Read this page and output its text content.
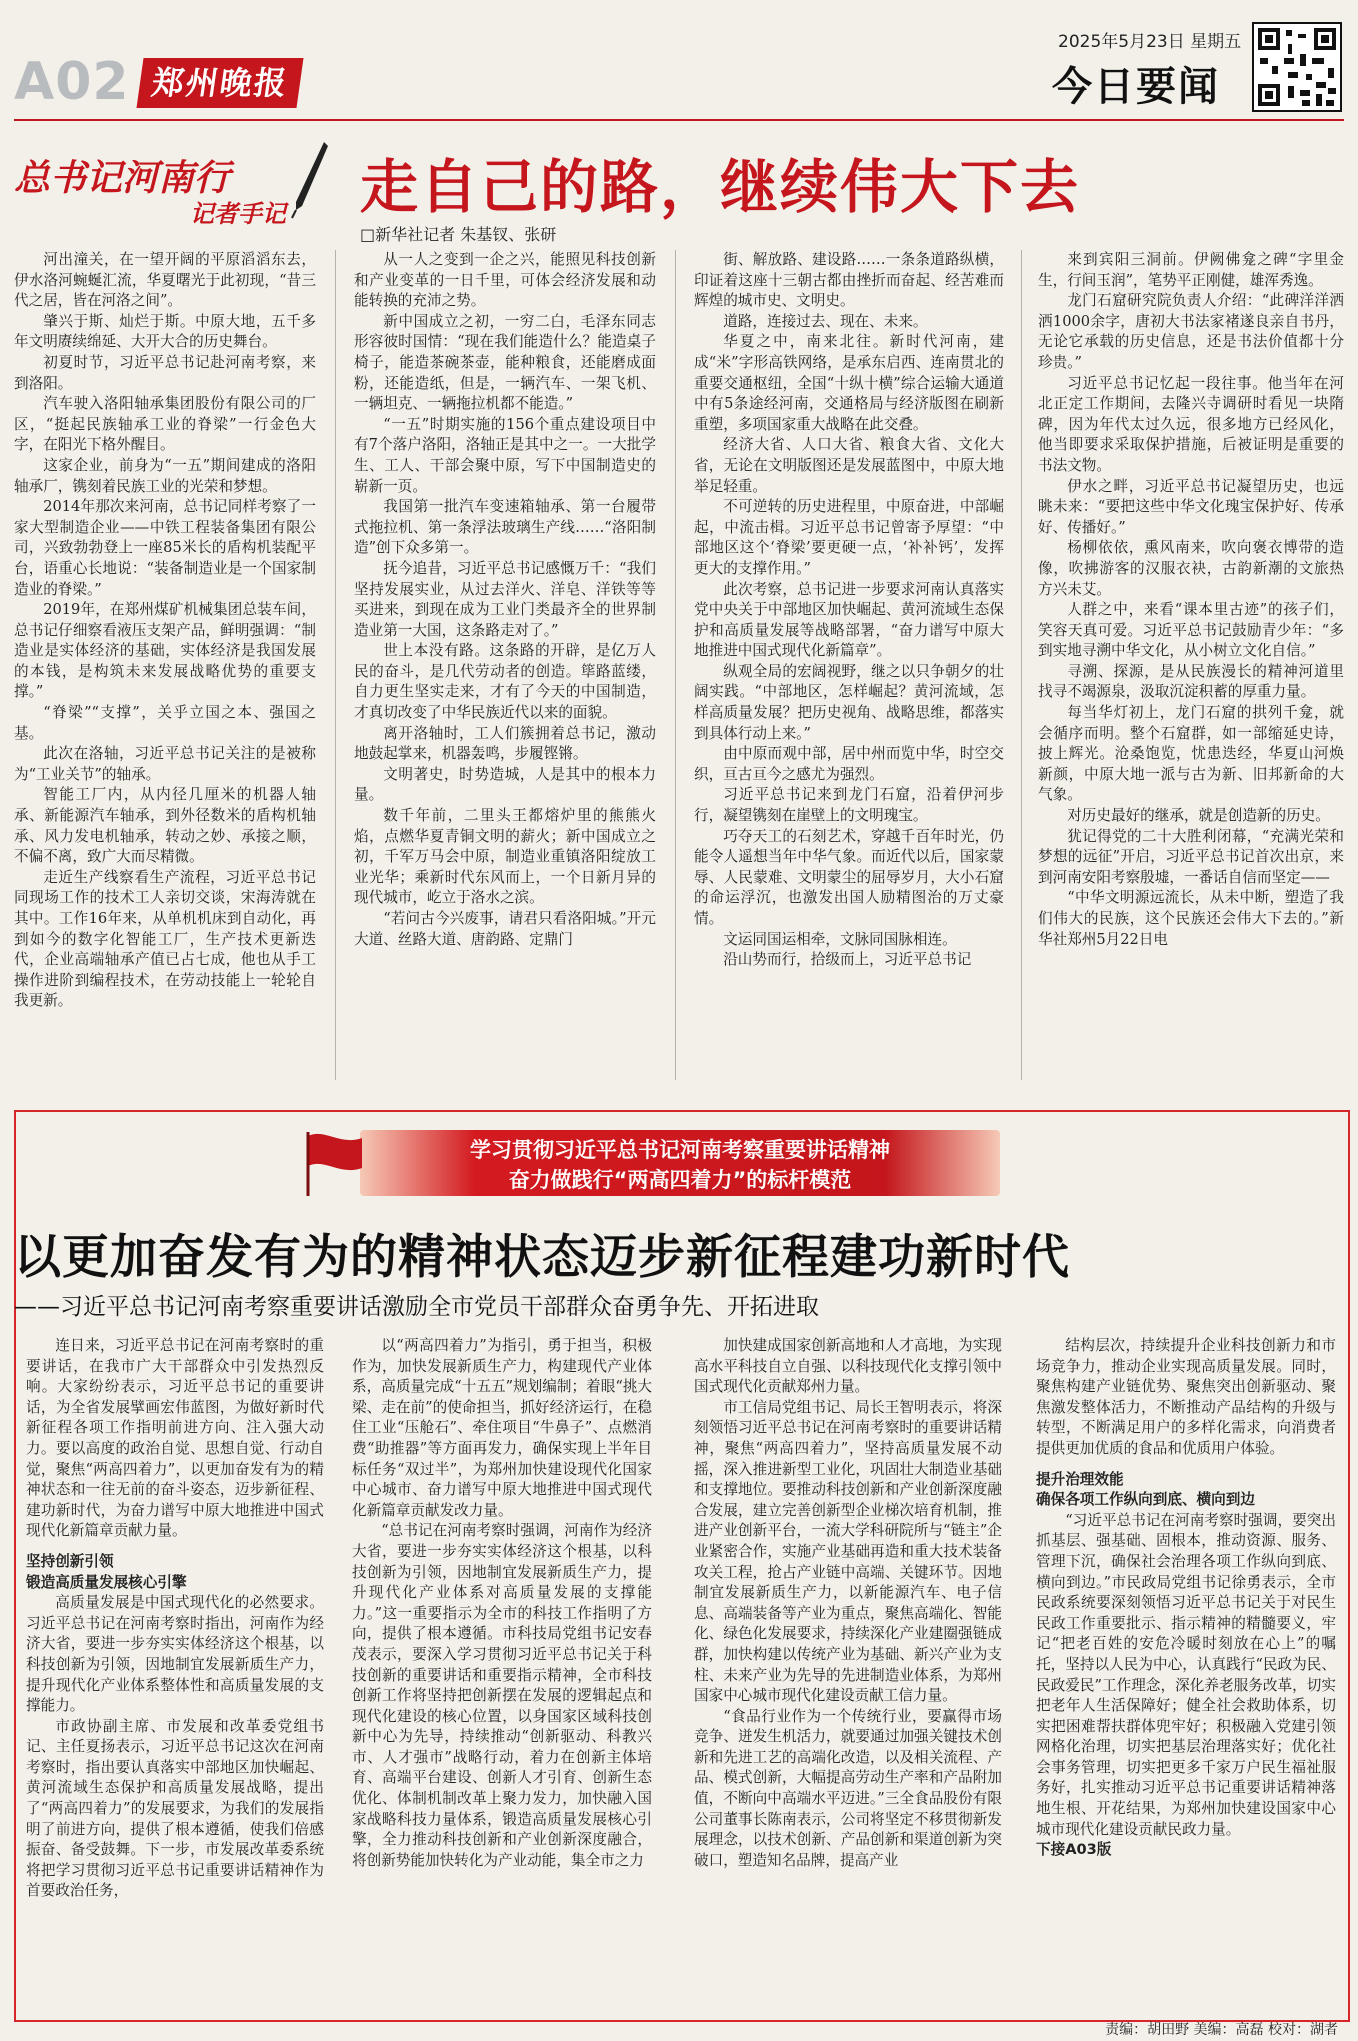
A02 郑州晚报
2025年5月23日 星期五
今日要闻
总书记河南行
记者手记 走自己的路，继续伟大下去
□新华社记者 朱基钗、张研

河出潼关，在一望开阔的平原滔滔东去，伊水洛河蜿蜒汇流，华夏曙光于此初现，“昔三代之居，皆在河洛之间”。

肇兴于斯、灿烂于斯。中原大地，五千多年文明赓续绵延、大开大合的历史舞台。

初夏时节，习近平总书记赴河南考察，来到洛阳。

汽车驶入洛阳轴承集团股份有限公司的厂区，“挺起民族轴承工业的脊梁”一行金色大字，在阳光下格外醒目。

这家企业，前身为“一五”期间建成的洛阳轴承厂，镌刻着民族工业的光荣和梦想。

2014年那次来河南，总书记同样考察了一家大型制造企业——中铁工程装备集团有限公司，兴致勃勃登上一座85米长的盾构机装配平台，语重心长地说：“装备制造业是一个国家制造业的脊梁。”

2019年，在郑州煤矿机械集团总装车间，总书记仔细察看液压支架产品，鲜明强调：“制造业是实体经济的基础，实体经济是我国发展的本钱，是构筑未来发展战略优势的重要支撑。”

“脊梁”“支撑”，关乎立国之本、强国之基。

此次在洛轴，习近平总书记关注的是被称为“工业关节”的轴承。

智能工厂内，从内径几厘米的机器人轴承、新能源汽车轴承，到外径数米的盾构机轴承、风力发电机轴承，转动之妙、承接之顺，不偏不离，致广大而尽精微。

走近生产线察看生产流程，习近平总书记同现场工作的技术工人亲切交谈，宋海涛就在其中。工作16年来，从单机机床到自动化，再到如今的数字化智能工厂，生产技术更新迭代，企业高端轴承产值已占七成，他也从手工操作进阶到编程技术，在劳动技能上一轮轮自我更新。

从一人之变到一企之兴，能照见科技创新和产业变革的一日千里，可体会经济发展和动能转换的充沛之势。

新中国成立之初，一穷二白，毛泽东同志形容彼时国情：“现在我们能造什么？能造桌子椅子，能造茶碗茶壶，能种粮食，还能磨成面粉，还能造纸，但是，一辆汽车、一架飞机、一辆坦克、一辆拖拉机都不能造。”

“一五”时期实施的156个重点建设项目中有7个落户洛阳，洛轴正是其中之一。一大批学生、工人、干部会聚中原，写下中国制造史的崭新一页。

我国第一批汽车变速箱轴承、第一台履带式拖拉机、第一条浮法玻璃生产线……“洛阳制造”创下众多第一。

抚今追昔，习近平总书记感慨万千：“我们坚持发展实业，从过去洋火、洋皂、洋铁等等买进来，到现在成为工业门类最齐全的世界制造业第一大国，这条路走对了。”

世上本没有路。这条路的开辟，是亿万人民的奋斗，是几代劳动者的创造。筚路蓝缕，自力更生坚实走来，才有了今天的中国制造，才真切改变了中华民族近代以来的面貌。

离开洛轴时，工人们簇拥着总书记，激动地鼓起掌来，机器轰鸣，步履铿锵。

文明著史，时势造城，人是其中的根本力量。

数千年前，二里头王都熔炉里的熊熊火焰，点燃华夏青铜文明的薪火；新中国成立之初，千军万马会中原，制造业重镇洛阳绽放工业光华；乘新时代东风而上，一个日新月异的现代城市，屹立于洛水之滨。

“若问古今兴废事，请君只看洛阳城。”开元大道、丝路大道、唐韵路、定鼎门

街、解放路、建设路……一条条道路纵横，印证着这座十三朝古都由挫折而奋起、经苦难而辉煌的城市史、文明史。

道路，连接过去、现在、未来。

华夏之中，南来北往。新时代河南，建成“米”字形高铁网络，是承东启西、连南贯北的重要交通枢纽，全国“十纵十横”综合运输大通道中有5条途经河南，交通格局与经济版图在刷新重塑，多项国家重大战略在此交叠。

经济大省、人口大省、粮食大省、文化大省，无论在文明版图还是发展蓝图中，中原大地举足轻重。

不可逆转的历史进程里，中原奋进，中部崛起，中流击楫。习近平总书记曾寄予厚望：“中部地区这个‘脊梁’要更硬一点，‘补补钙’，发挥更大的支撑作用。”

此次考察，总书记进一步要求河南认真落实党中央关于中部地区加快崛起、黄河流域生态保护和高质量发展等战略部署，“奋力谱写中原大地推进中国式现代化新篇章”。

纵观全局的宏阔视野，继之以只争朝夕的壮阔实践。“中部地区，怎样崛起？黄河流域，怎样高质量发展？把历史视角、战略思维，都落实到具体行动上来。”

由中原而观中部，居中州而览中华，时空交织，亘古亘今之感尤为强烈。

习近平总书记来到龙门石窟，沿着伊河步行，凝望镌刻在崖壁上的文明瑰宝。

巧夺天工的石刻艺术，穿越千百年时光，仍能令人遥想当年中华气象。而近代以后，国家蒙辱、人民蒙难、文明蒙尘的屈辱岁月，大小石窟的命运浮沉，也激发出国人励精图治的万丈豪情。

文运同国运相牵，文脉同国脉相连。

沿山势而行，拾级而上，习近平总书记

来到宾阳三洞前。伊阙佛龛之碑“字里金生，行间玉润”，笔势平正刚健，雄浑秀逸。

龙门石窟研究院负责人介绍：“此碑洋洋洒洒1000余字，唐初大书法家褚遂良亲自书丹，无论它承载的历史信息，还是书法价值都十分珍贵。”

习近平总书记忆起一段往事。他当年在河北正定工作期间，去隆兴寺调研时看见一块隋碑，因为年代太过久远，很多地方已经风化，他当即要求采取保护措施，后被证明是重要的书法文物。

伊水之畔，习近平总书记凝望历史，也远眺未来：“要把这些中华文化瑰宝保护好、传承好、传播好。”

杨柳依依，熏风南来，吹向褒衣博带的造像，吹拂游客的汉服衣袂，古韵新潮的文旅热方兴未艾。

人群之中，来看“课本里古迹”的孩子们，笑容天真可爱。习近平总书记鼓励青少年：“多到实地寻溯中华文化，从小树立文化自信。”

寻溯、探源，是从民族漫长的精神河道里找寻不竭源泉，汲取沉淀积蓄的厚重力量。

每当华灯初上，龙门石窟的拱列千龛，就会循序而明。整个石窟群，如一部缩延史诗，披上辉光。沧桑饱览，忧患迭经，华夏山河焕新颜，中原大地一派与古为新、旧邦新命的大气象。

对历史最好的继承，就是创造新的历史。

犹记得党的二十大胜利闭幕，“充满光荣和梦想的远征”开启，习近平总书记首次出京，来到河南安阳考察殷墟，一番话自信而坚定——

“中华文明源远流长，从未中断，塑造了我们伟大的民族，这个民族还会伟大下去的。”新华社郑州5月22日电

学习贯彻习近平总书记河南考察重要讲话精神
奋力做践行“两高四着力”的标杆模范
以更加奋发有为的精神状态迈步新征程建功新时代
——习近平总书记河南考察重要讲话激励全市党员干部群众奋勇争先、开拓进取

连日来，习近平总书记在河南考察时的重要讲话，在我市广大干部群众中引发热烈反响。大家纷纷表示，习近平总书记的重要讲话，为全省发展擘画宏伟蓝图，为做好新时代新征程各项工作指明前进方向、注入强大动力。要以高度的政治自觉、思想自觉、行动自觉，聚焦“两高四着力”，以更加奋发有为的精神状态和一往无前的奋斗姿态，迈步新征程、建功新时代，为奋力谱写中原大地推进中国式现代化新篇章贡献力量。

坚持创新引领

锻造高质量发展核心引擎

高质量发展是中国式现代化的必然要求。习近平总书记在河南考察时指出，河南作为经济大省，要进一步夯实实体经济这个根基，以科技创新为引领，因地制宜发展新质生产力，提升现代化产业体系整体性和高质量发展的支撑能力。

市政协副主席、市发展和改革委党组书记、主任夏扬表示，习近平总书记这次在河南考察时，指出要认真落实中部地区加快崛起、黄河流域生态保护和高质量发展战略，提出了“两高四着力”的发展要求，为我们的发展指明了前进方向，提供了根本遵循，使我们倍感振奋、备受鼓舞。下一步，市发展改革委系统将把学习贯彻习近平总书记重要讲话精神作为首要政治任务，

以“两高四着力”为指引，勇于担当，积极作为，加快发展新质生产力，构建现代产业体系，高质量完成“十五五”规划编制；着眼“挑大梁、走在前”的使命担当，抓好经济运行，在稳住工业“压舱石”、牵住项目“牛鼻子”、点燃消费“助推器”等方面再发力，确保实现上半年目标任务“双过半”，为郑州加快建设现代化国家中心城市、奋力谱写中原大地推进中国式现代化新篇章贡献发改力量。

“总书记在河南考察时强调，河南作为经济大省，要进一步夯实实体经济这个根基，以科技创新为引领，因地制宜发展新质生产力，提升现代化产业体系对高质量发展的支撑能力。”这一重要指示为全市的科技工作指明了方向，提供了根本遵循。市科技局党组书记安春茂表示，要深入学习贯彻习近平总书记关于科技创新的重要讲话和重要指示精神，全市科技创新工作将坚持把创新摆在发展的逻辑起点和现代化建设的核心位置，以身国家区域科技创新中心为先导，持续推动“创新驱动、科教兴市、人才强市”战略行动，着力在创新主体培育、高端平台建设、创新人才引育、创新生态优化、体制机制改革上聚力发力，加快融入国家战略科技力量体系，锻造高质量发展核心引擎，全力推动科技创新和产业创新深度融合，将创新势能加快转化为产业动能，集全市之力

加快建成国家创新高地和人才高地，为实现高水平科技自立自强、以科技现代化支撑引领中国式现代化贡献郑州力量。

市工信局党组书记、局长王智明表示，将深刻领悟习近平总书记在河南考察时的重要讲话精神，聚焦“两高四着力”，坚持高质量发展不动摇，深入推进新型工业化，巩固壮大制造业基础和支撑地位。要推动科技创新和产业创新深度融合发展，建立完善创新型企业梯次培育机制，推进产业创新平台，一流大学科研院所与“链主”企业紧密合作，实施产业基础再造和重大技术装备攻关工程，抢占产业链中高端、关键环节。因地制宜发展新质生产力，以新能源汽车、电子信息、高端装备等产业为重点，聚焦高端化、智能化、绿色化发展要求，持续深化产业建圈强链成群，加快构建以传统产业为基础、新兴产业为支柱、未来产业为先导的先进制造业体系，为郑州国家中心城市现代化建设贡献工信力量。

“食品行业作为一个传统行业，要赢得市场竞争、迸发生机活力，就要通过加强关键技术创新和先进工艺的高端化改造，以及相关流程、产品、模式创新，大幅提高劳动生产率和产品附加值，不断向中高端水平迈进。”三全食品股份有限公司董事长陈南表示，公司将坚定不移贯彻新发展理念，以技术创新、产品创新和渠道创新为突破口，塑造知名品牌，提高产业

结构层次，持续提升企业科技创新力和市场竞争力，推动企业实现高质量发展。同时，聚焦构建产业链优势、聚焦突出创新驱动、聚焦激发整体活力，不断推动产品结构的升级与转型，不断满足用户的多样化需求，向消费者提供更加优质的食品和优质用户体验。

提升治理效能

确保各项工作纵向到底、横向到边

“习近平总书记在河南考察时强调，要突出抓基层、强基础、固根本，推动资源、服务、管理下沉，确保社会治理各项工作纵向到底、横向到边。”市民政局党组书记徐勇表示，全市民政系统要深刻领悟习近平总书记关于对民生民政工作重要批示、指示精神的精髓要义，牢记“把老百姓的安危冷暖时刻放在心上”的嘱托，坚持以人民为中心，认真践行“民政为民、民政爱民”工作理念，深化养老服务改革，切实把老年人生活保障好；健全社会救助体系，切实把困难帮扶群体兜牢好；积极融入党建引领网格化治理，切实把基层治理落实好；优化社会事务管理，切实把更多千家万户民生福祉服务好，扎实推动习近平总书记重要讲话精神落地生根、开花结果，为郑州加快建设国家中心城市现代化建设贡献民政力量。

下接A03版

责编：胡田野 美编：高磊 校对：湖者
